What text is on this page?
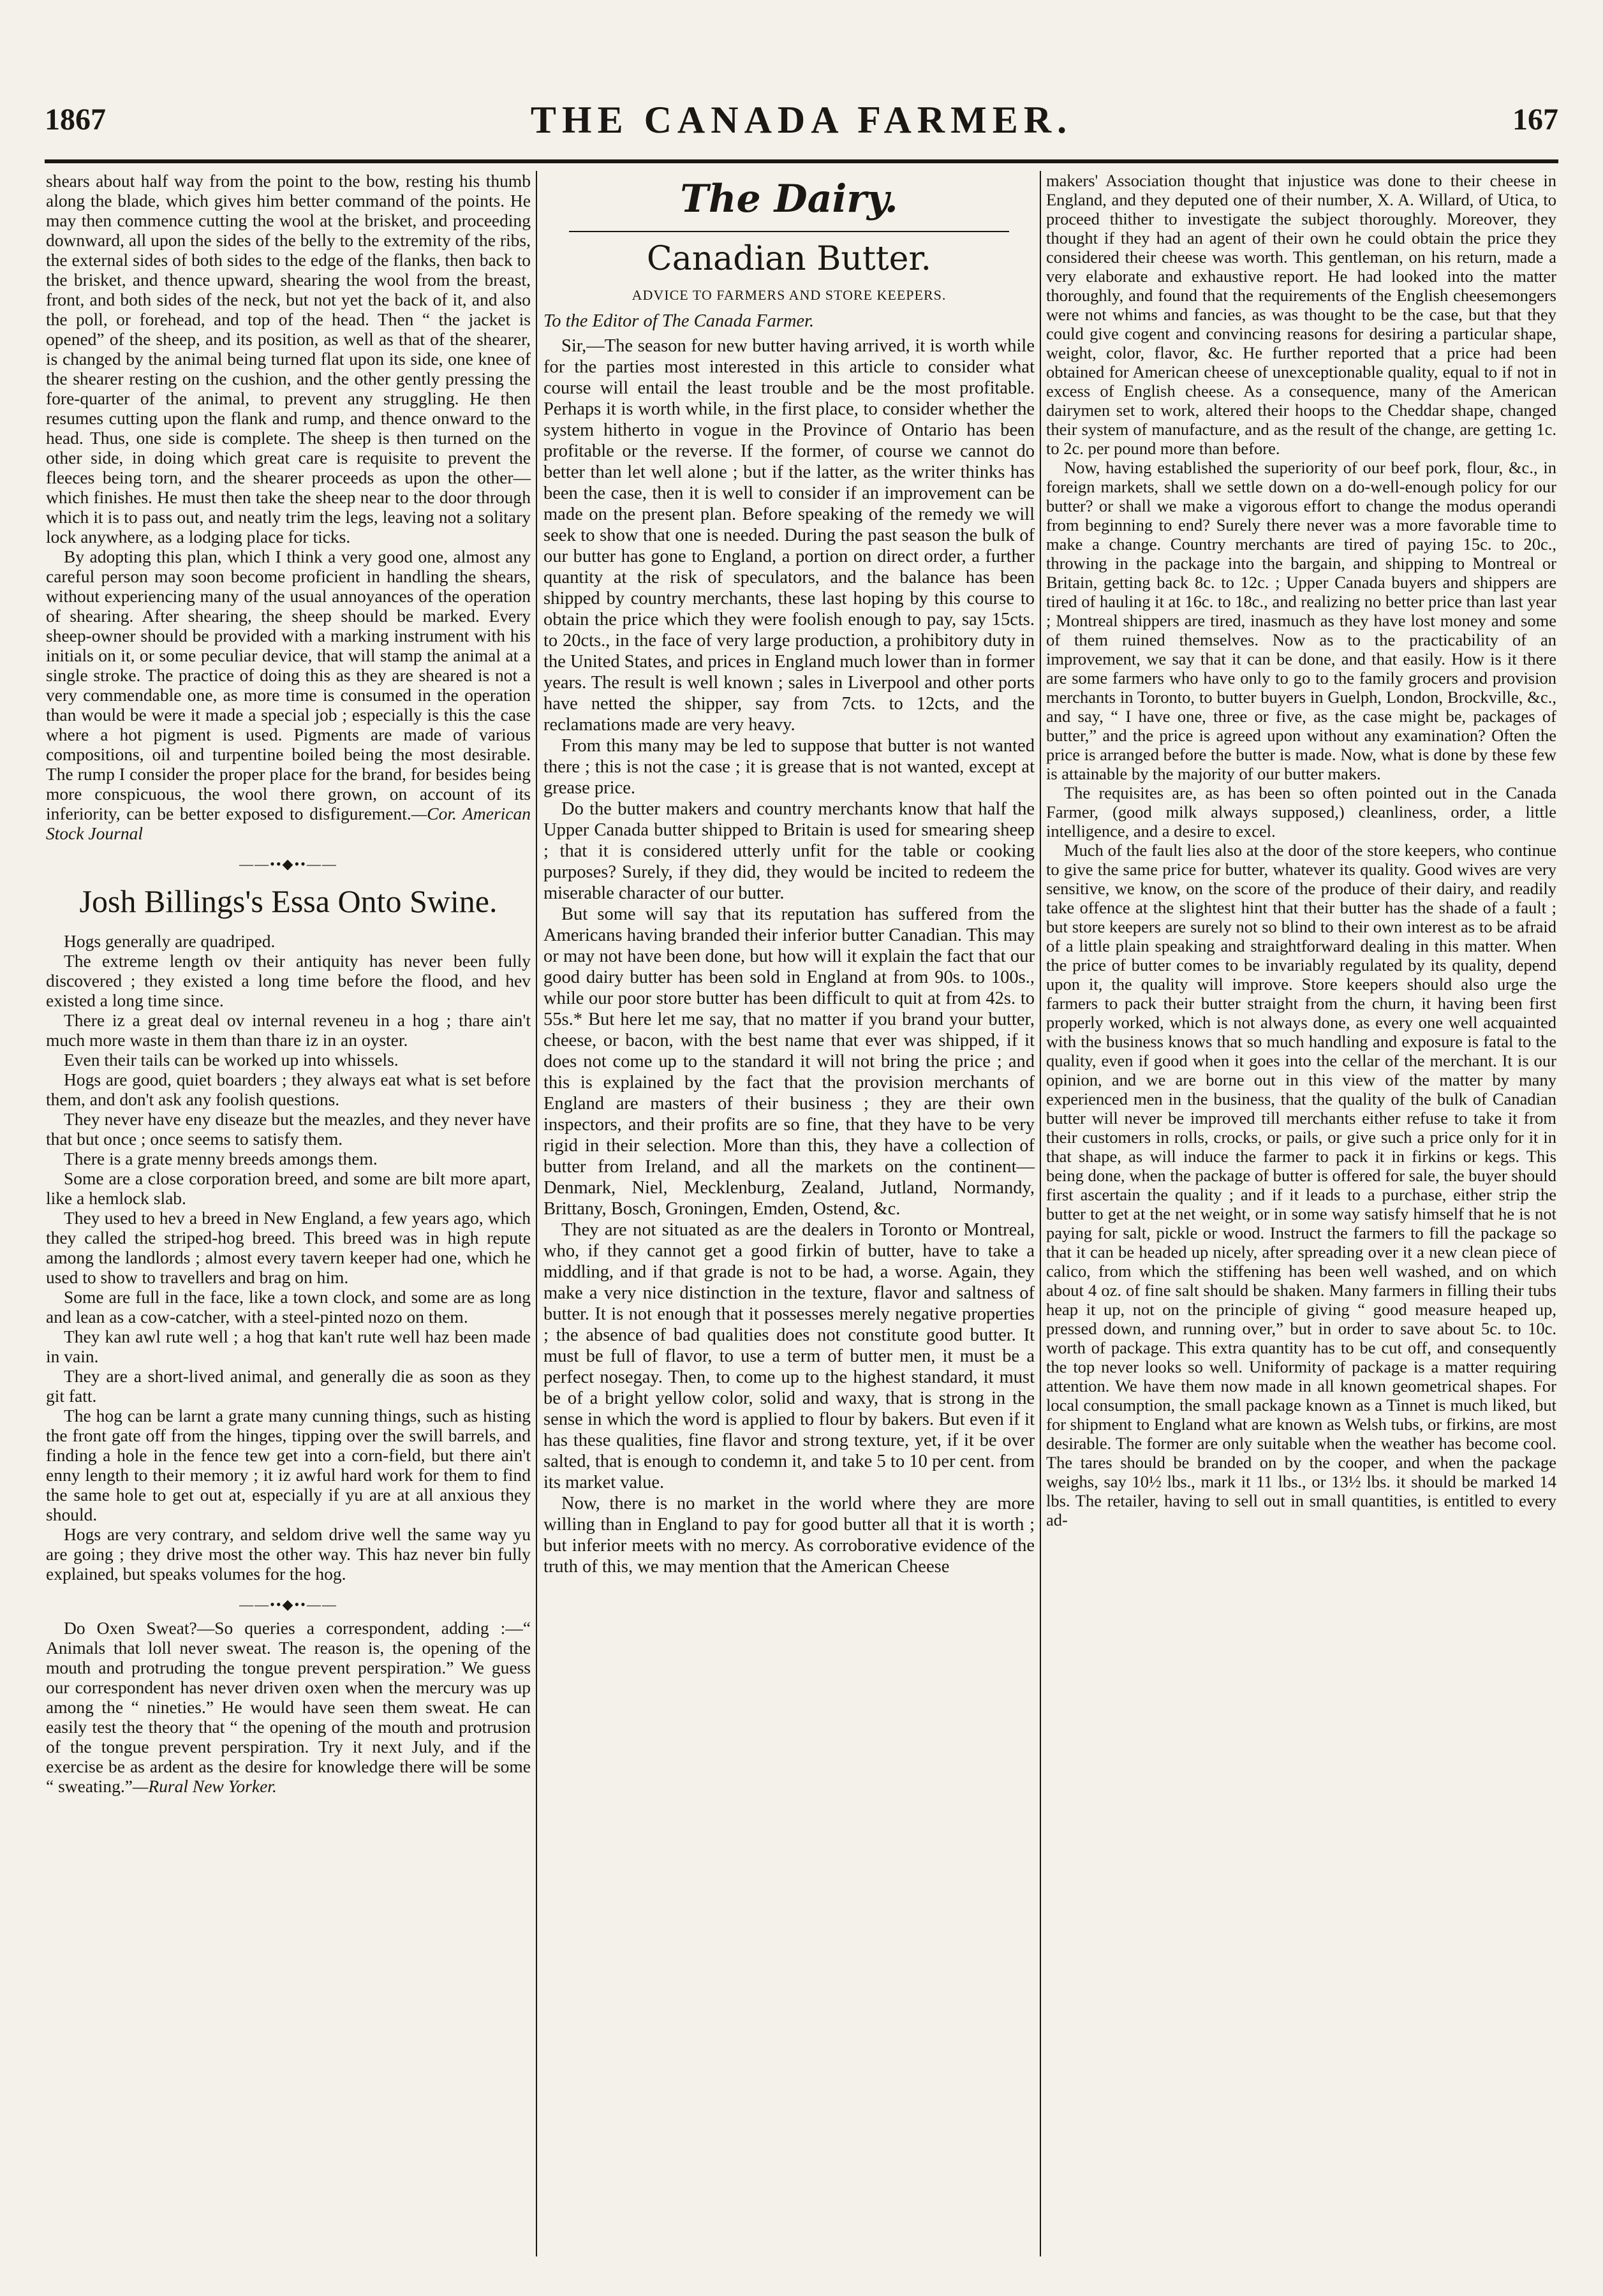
1867	THE CANADA FARMER.	167

shears about half way from the point to the bow, resting his thumb along the blade, which gives him better command of the points. He may then commence cutting the wool at the brisket, and proceeding downward, all upon the sides of the belly to the extremity of the ribs, the external sides of both sides to the edge of the flanks, then back to the brisket, and thence upward, shearing the wool from the breast, front, and both sides of the neck, but not yet the back of it, and also the poll, or forehead, and top of the head. Then “ the jacket is opened” of the sheep, and its position, as well as that of the shearer, is changed by the animal being turned flat upon its side, one knee of the shearer resting on the cushion, and the other gently pressing the fore-quarter of the animal, to prevent any struggling. He then resumes cutting upon the flank and rump, and thence onward to the head. Thus, one side is complete. The sheep is then turned on the other side, in doing which great care is requisite to prevent the fleeces being torn, and the shearer proceeds as upon the other—which finishes. He must then take the sheep near to the door through which it is to pass out, and neatly trim the legs, leaving not a solitary lock anywhere, as a lodging place for ticks.

By adopting this plan, which I think a very good one, almost any careful person may soon become proficient in handling the shears, without experiencing many of the usual annoyances of the operation of shearing. After shearing, the sheep should be marked. Every sheep-owner should be provided with a marking instrument with his initials on it, or some peculiar device, that will stamp the animal at a single stroke. The practice of doing this as they are sheared is not a very commendable one, as more time is consumed in the operation than would be were it made a special job ; especially is this the case where a hot pigment is used. Pigments are made of various compositions, oil and turpentine boiled being the most desirable. The rump I consider the proper place for the brand, for besides being more conspicuous, the wool there grown, on account of its inferiority, can be better exposed to disfigurement.—Cor. American Stock Journal

——••◆••——
Josh Billings's Essa Onto Swine.

Hogs generally are quadriped.

The extreme length ov their antiquity has never been fully discovered ; they existed a long time before the flood, and hev existed a long time since.

There iz a great deal ov internal reveneu in a hog ; thare ain't much more waste in them than thare iz in an oyster.

Even their tails can be worked up into whissels.

Hogs are good, quiet boarders ; they always eat what is set before them, and don't ask any foolish questions.

They never have eny diseaze but the meazles, and they never have that but once ; once seems to satisfy them.

There is a grate menny breeds amongs them.

Some are a close corporation breed, and some are bilt more apart, like a hemlock slab.

They used to hev a breed in New England, a few years ago, which they called the striped-hog breed. This breed was in high repute among the landlords ; almost every tavern keeper had one, which he used to show to travellers and brag on him.

Some are full in the face, like a town clock, and some are as long and lean as a cow-catcher, with a steel-pinted nozo on them.

They kan awl rute well ; a hog that kan't rute well haz been made in vain.

They are a short-lived animal, and generally die as soon as they git fatt.

The hog can be larnt a grate many cunning things, such as histing the front gate off from the hinges, tipping over the swill barrels, and finding a hole in the fence tew get into a corn-field, but there ain't enny length to their memory ; it iz awful hard work for them to find the same hole to get out at, especially if yu are at all anxious they should.

Hogs are very contrary, and seldom drive well the same way yu are going ; they drive most the other way. This haz never bin fully explained, but speaks volumes for the hog.

——••◆••——

Do Oxen Sweat?—So queries a correspondent, adding :—“ Animals that loll never sweat. The reason is, the opening of the mouth and protruding the tongue prevent perspiration.” We guess our correspondent has never driven oxen when the mercury was up among the “ nineties.” He would have seen them sweat. He can easily test the theory that “ the opening of the mouth and protrusion of the tongue prevent perspiration. Try it next July, and if the exercise be as ardent as the desire for knowledge there will be some “ sweating.”—Rural New Yorker.

The Dairy.
Canadian Butter.
ADVICE TO FARMERS AND STORE KEEPERS.

To the Editor of The Canada Farmer.

Sir,—The season for new butter having arrived, it is worth while for the parties most interested in this article to consider what course will entail the least trouble and be the most profitable. Perhaps it is worth while, in the first place, to consider whether the system hitherto in vogue in the Province of Ontario has been profitable or the reverse. If the former, of course we cannot do better than let well alone ; but if the latter, as the writer thinks has been the case, then it is well to consider if an improvement can be made on the present plan. Before speaking of the remedy we will seek to show that one is needed. During the past season the bulk of our butter has gone to England, a portion on direct order, a further quantity at the risk of speculators, and the balance has been shipped by country merchants, these last hoping by this course to obtain the price which they were foolish enough to pay, say 15cts. to 20cts., in the face of very large production, a prohibitory duty in the United States, and prices in England much lower than in former years. The result is well known ; sales in Liverpool and other ports have netted the shipper, say from 7cts. to 12cts, and the reclamations made are very heavy.

From this many may be led to suppose that butter is not wanted there ; this is not the case ; it is grease that is not wanted, except at grease price.

Do the butter makers and country merchants know that half the Upper Canada butter shipped to Britain is used for smearing sheep ; that it is considered utterly unfit for the table or cooking purposes? Surely, if they did, they would be incited to redeem the miserable character of our butter.

But some will say that its reputation has suffered from the Americans having branded their inferior butter Canadian. This may or may not have been done, but how will it explain the fact that our good dairy butter has been sold in England at from 90s. to 100s., while our poor store butter has been difficult to quit at from 42s. to 55s.* But here let me say, that no matter if you brand your butter, cheese, or bacon, with the best name that ever was shipped, if it does not come up to the standard it will not bring the price ; and this is explained by the fact that the provision merchants of England are masters of their business ; they are their own inspectors, and their profits are so fine, that they have to be very rigid in their selection. More than this, they have a collection of butter from Ireland, and all the markets on the continent—Denmark, Niel, Mecklenburg, Zealand, Jutland, Normandy, Brittany, Bosch, Groningen, Emden, Ostend, &c.

They are not situated as are the dealers in Toronto or Montreal, who, if they cannot get a good firkin of butter, have to take a middling, and if that grade is not to be had, a worse. Again, they make a very nice distinction in the texture, flavor and saltness of butter. It is not enough that it possesses merely negative properties ; the absence of bad qualities does not constitute good butter. It must be full of flavor, to use a term of butter men, it must be a perfect nosegay. Then, to come up to the highest standard, it must be of a bright yellow color, solid and waxy, that is strong in the sense in which the word is applied to flour by bakers. But even if it has these qualities, fine flavor and strong texture, yet, if it be over salted, that is enough to condemn it, and take 5 to 10 per cent. from its market value.

Now, there is no market in the world where they are more willing than in England to pay for good butter all that it is worth ; but inferior meets with no mercy. As corroborative evidence of the truth of this, we may mention that the American Cheese

makers' Association thought that injustice was done to their cheese in England, and they deputed one of their number, X. A. Willard, of Utica, to proceed thither to investigate the subject thoroughly. Moreover, they thought if they had an agent of their own he could obtain the price they considered their cheese was worth. This gentleman, on his return, made a very elaborate and exhaustive report. He had looked into the matter thoroughly, and found that the requirements of the English cheesemongers were not whims and fancies, as was thought to be the case, but that they could give cogent and convincing reasons for desiring a particular shape, weight, color, flavor, &c. He further reported that a price had been obtained for American cheese of unexceptionable quality, equal to if not in excess of English cheese. As a consequence, many of the American dairymen set to work, altered their hoops to the Cheddar shape, changed their system of manufacture, and as the result of the change, are getting 1c. to 2c. per pound more than before.

Now, having established the superiority of our beef pork, flour, &c., in foreign markets, shall we settle down on a do-well-enough policy for our butter? or shall we make a vigorous effort to change the modus operandi from beginning to end? Surely there never was a more favorable time to make a change. Country merchants are tired of paying 15c. to 20c., throwing in the package into the bargain, and shipping to Montreal or Britain, getting back 8c. to 12c. ; Upper Canada buyers and shippers are tired of hauling it at 16c. to 18c., and realizing no better price than last year ; Montreal shippers are tired, inasmuch as they have lost money and some of them ruined themselves. Now as to the practicability of an improvement, we say that it can be done, and that easily. How is it there are some farmers who have only to go to the family grocers and provision merchants in Toronto, to butter buyers in Guelph, London, Brockville, &c., and say, “ I have one, three or five, as the case might be, packages of butter,” and the price is agreed upon without any examination? Often the price is arranged before the butter is made. Now, what is done by these few is attainable by the majority of our butter makers.

The requisites are, as has been so often pointed out in the Canada Farmer, (good milk always supposed,) cleanliness, order, a little intelligence, and a desire to excel.

Much of the fault lies also at the door of the store keepers, who continue to give the same price for butter, whatever its quality. Good wives are very sensitive, we know, on the score of the produce of their dairy, and readily take offence at the slightest hint that their butter has the shade of a fault ; but store keepers are surely not so blind to their own interest as to be afraid of a little plain speaking and straightforward dealing in this matter. When the price of butter comes to be invariably regulated by its quality, depend upon it, the quality will improve. Store keepers should also urge the farmers to pack their butter straight from the churn, it having been first properly worked, which is not always done, as every one well acquainted with the business knows that so much handling and exposure is fatal to the quality, even if good when it goes into the cellar of the merchant. It is our opinion, and we are borne out in this view of the matter by many experienced men in the business, that the quality of the bulk of Canadian butter will never be improved till merchants either refuse to take it from their customers in rolls, crocks, or pails, or give such a price only for it in that shape, as will induce the farmer to pack it in firkins or kegs. This being done, when the package of butter is offered for sale, the buyer should first ascertain the quality ; and if it leads to a purchase, either strip the butter to get at the net weight, or in some way satisfy himself that he is not paying for salt, pickle or wood. Instruct the farmers to fill the package so that it can be headed up nicely, after spreading over it a new clean piece of calico, from which the stiffening has been well washed, and on which about 4 oz. of fine salt should be shaken. Many farmers in filling their tubs heap it up, not on the principle of giving “ good measure heaped up, pressed down, and running over,” but in order to save about 5c. to 10c. worth of package. This extra quantity has to be cut off, and consequently the top never looks so well. Uniformity of package is a matter requiring attention. We have them now made in all known geometrical shapes. For local consumption, the small package known as a Tinnet is much liked, but for shipment to England what are known as Welsh tubs, or firkins, are most desirable. The former are only suitable when the weather has become cool. The tares should be branded on by the cooper, and when the package weighs, say 10½ lbs., mark it 11 lbs., or 13½ lbs. it should be marked 14 lbs. The retailer, having to sell out in small quantities, is entitled to every ad-
